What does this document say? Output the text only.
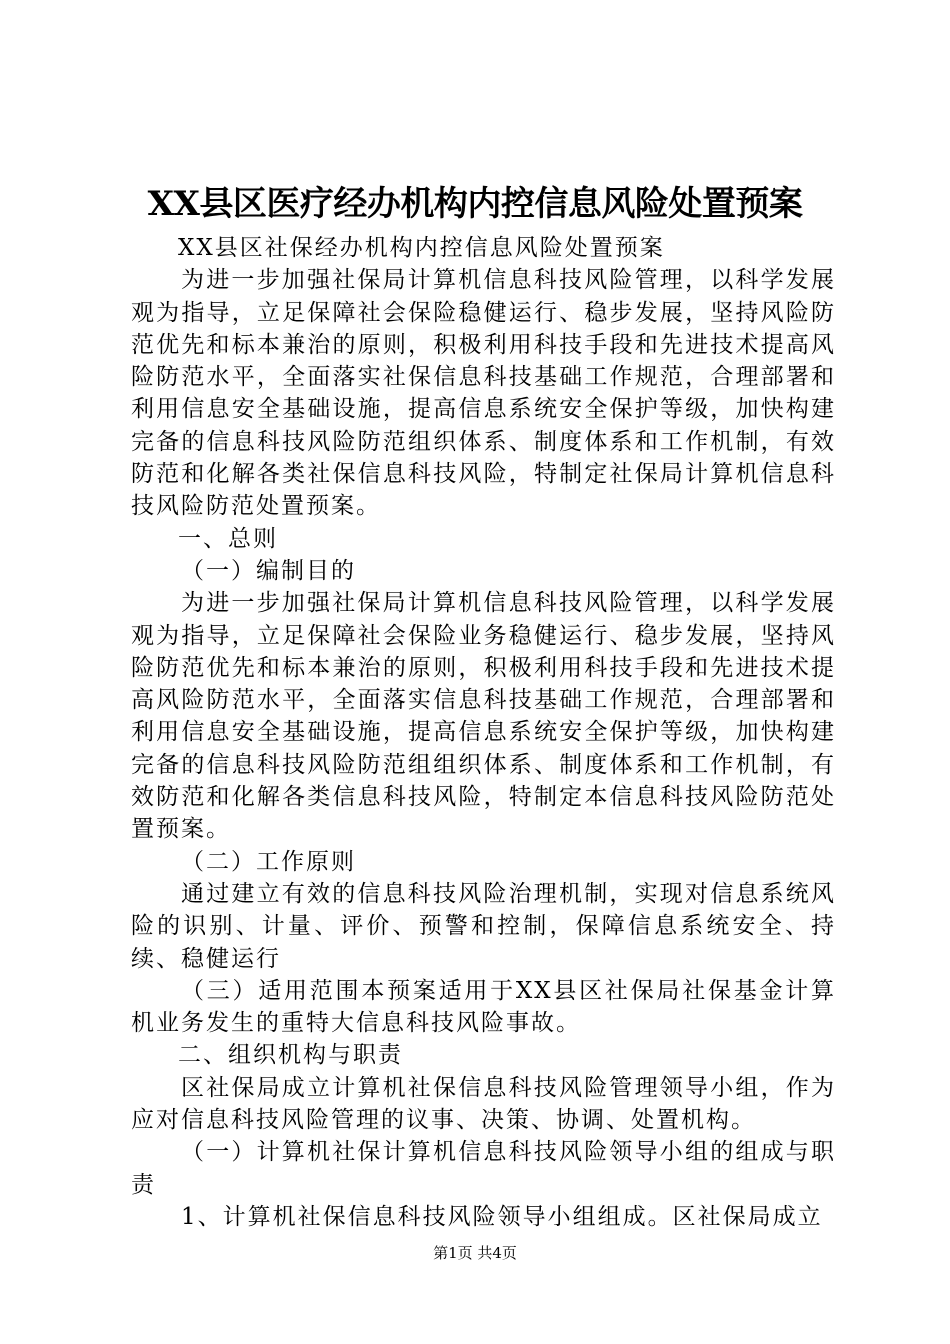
XX县区医疗经办机构内控信息风险处置预案

XX县区社保经办机构内控信息风险处置预案

为进一步加强社保局计算机信息科技风险管理，以科学发展观为指导，立足保障社会保险稳健运行、稳步发展，坚持风险防范优先和标本兼治的原则，积极利用科技手段和先进技术提高风险防范水平，全面落实社保信息科技基础工作规范，合理部署和利用信息安全基础设施，提高信息系统安全保护等级，加快构建完备的信息科技风险防范组织体系、制度体系和工作机制，有效防范和化解各类社保信息科技风险，特制定社保局计算机信息科技风险防范处置预案。

一、总则

（一）编制目的

为进一步加强社保局计算机信息科技风险管理，以科学发展观为指导，立足保障社会保险业务稳健运行、稳步发展，坚持风险防范优先和标本兼治的原则，积极利用科技手段和先进技术提高风险防范水平，全面落实信息科技基础工作规范，合理部署和利用信息安全基础设施，提高信息系统安全保护等级，加快构建完备的信息科技风险防范组组织体系、制度体系和工作机制，有效防范和化解各类信息科技风险，特制定本信息科技风险防范处置预案。

（二）工作原则

通过建立有效的信息科技风险治理机制，实现对信息系统风险的识别、计量、评价、预警和控制，保障信息系统安全、持续、稳健运行

（三）适用范围本预案适用于XX县区社保局社保基金计算机业务发生的重特大信息科技风险事故。

二、组织机构与职责

区社保局成立计算机社保信息科技风险管理领导小组，作为应对信息科技风险管理的议事、决策、协调、处置机构。

（一）计算机社保计算机信息科技风险领导小组的组成与职责

1、计算机社保信息科技风险领导小组组成。区社保局成立

第1页 共4页
